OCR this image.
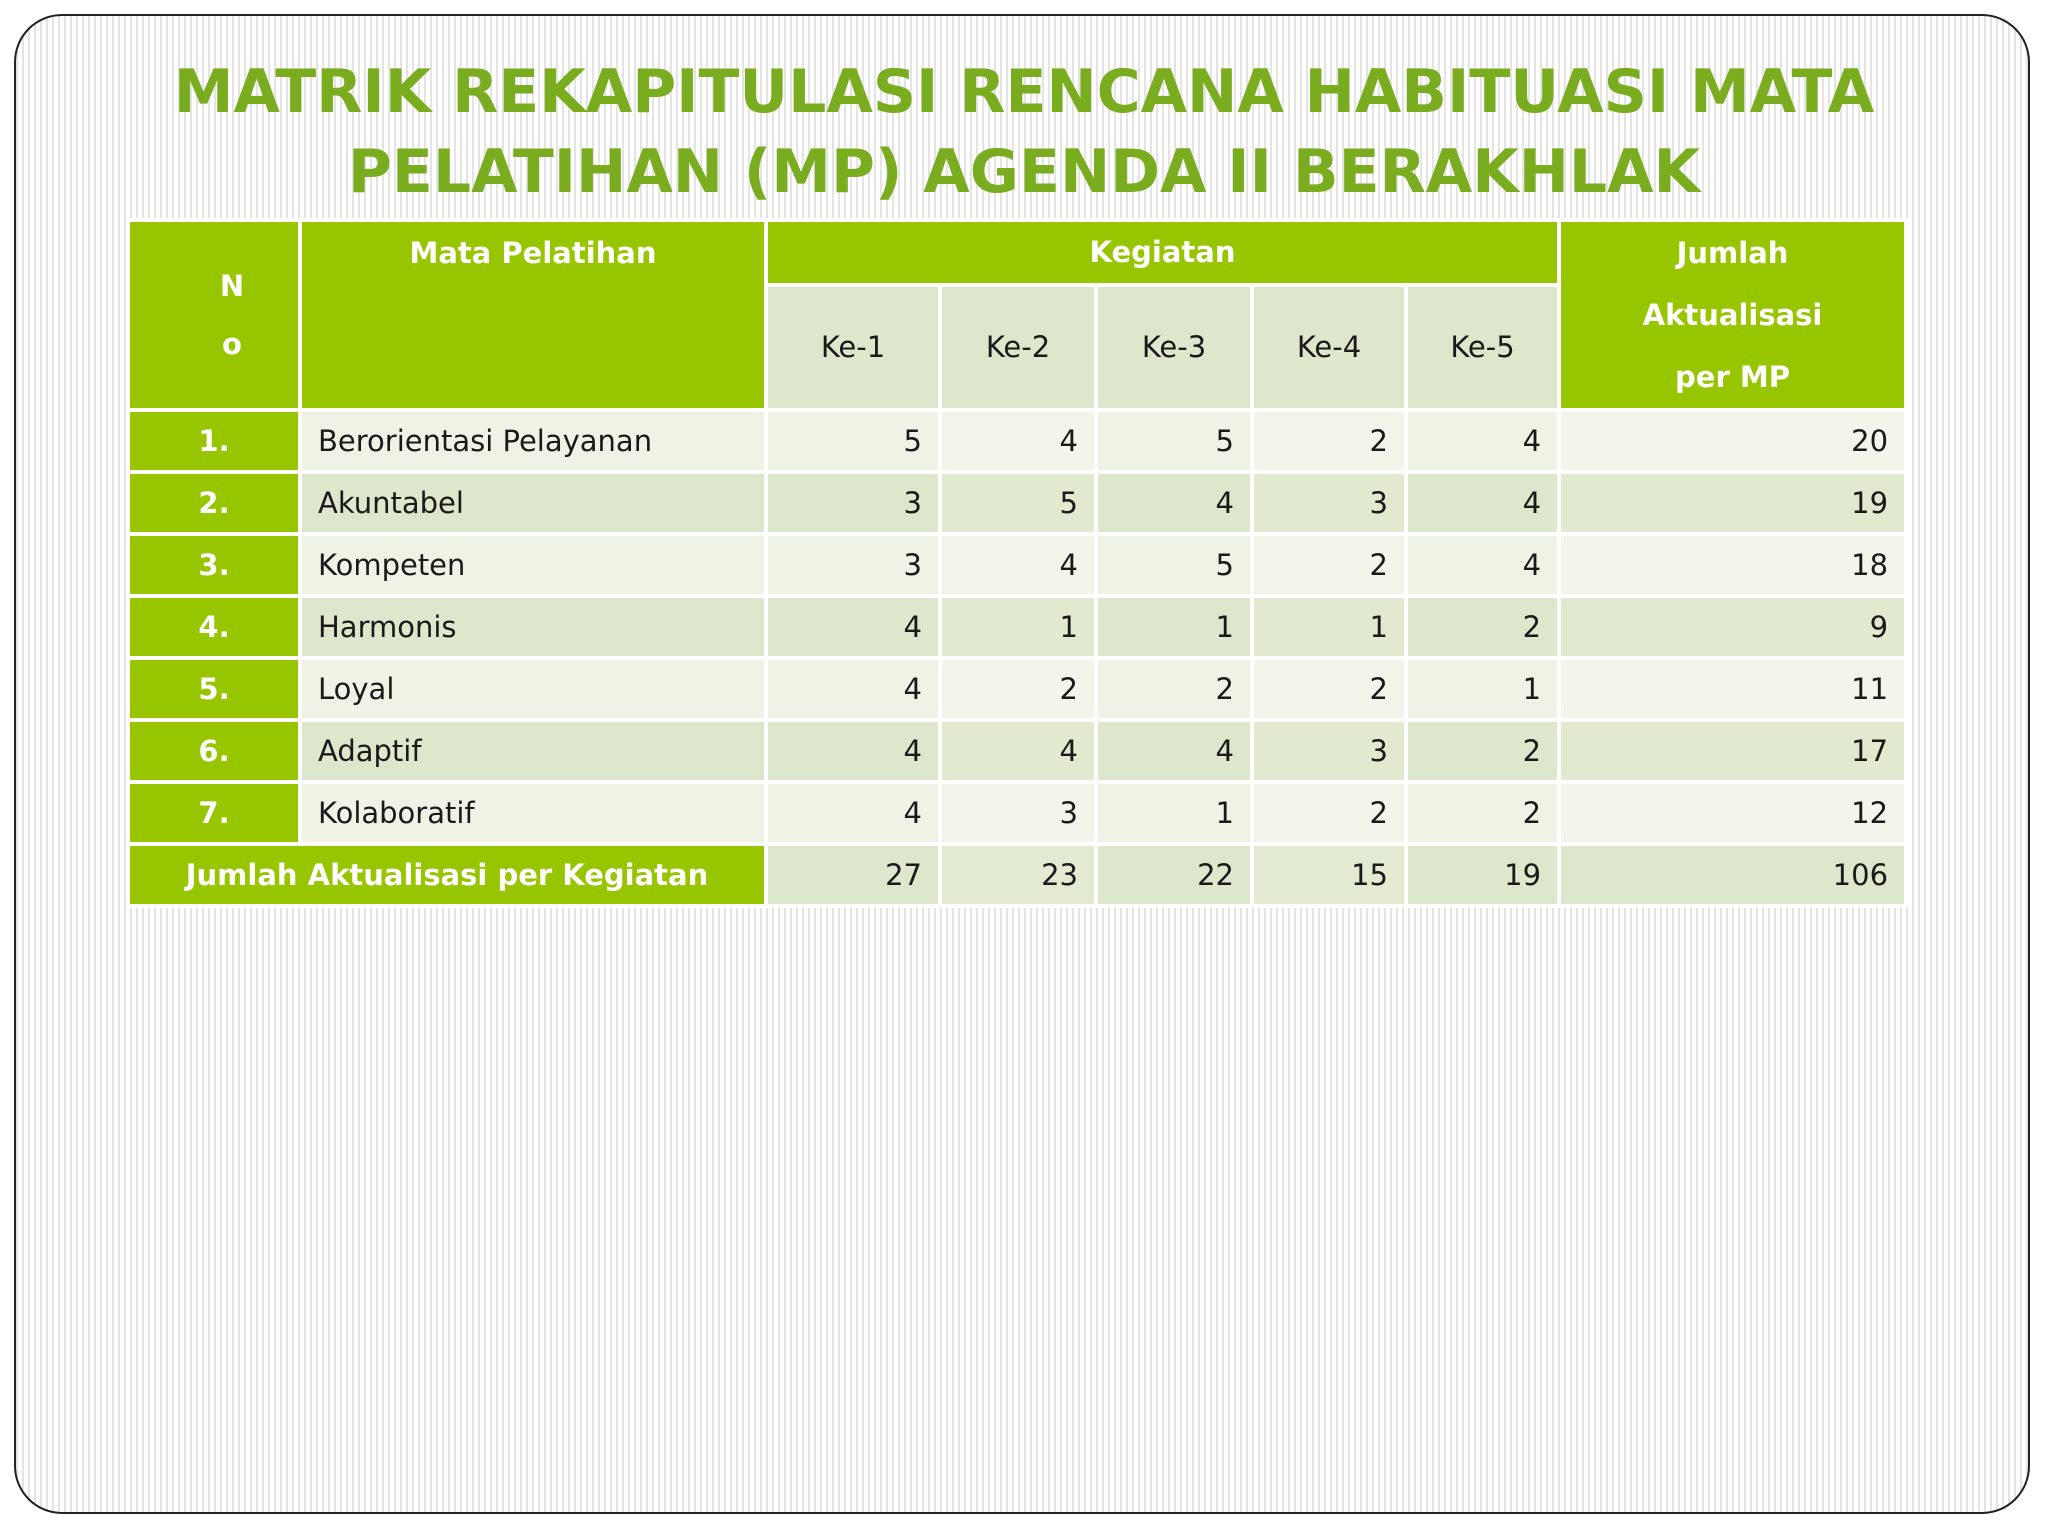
MATRIK REKAPITULASI RENCANA HABITUASI MATA
PELATIHAN (MP) AGENDA II BERAKHLAK
N
o	Mata Pelatihan	Kegiatan					Jumlah
Aktualisasi
per MP

		Ke-1	Ke-2	Ke-3	Ke-4	Ke-5	
1.	Berorientasi Pelayanan	5	4	5	2	4	20
2.	Akuntabel	3	5	4	3	4	19
3.	Kompeten	3	4	5	2	4	18
4.	Harmonis	4	1	1	1	2	9
5.	Loyal	4	2	2	2	1	11
6.	Adaptif	4	4	4	3	2	17
7.	Kolaboratif	4	3	1	2	2	12
Jumlah Aktualisasi per Kegiatan		27	23	22	15	19	106
